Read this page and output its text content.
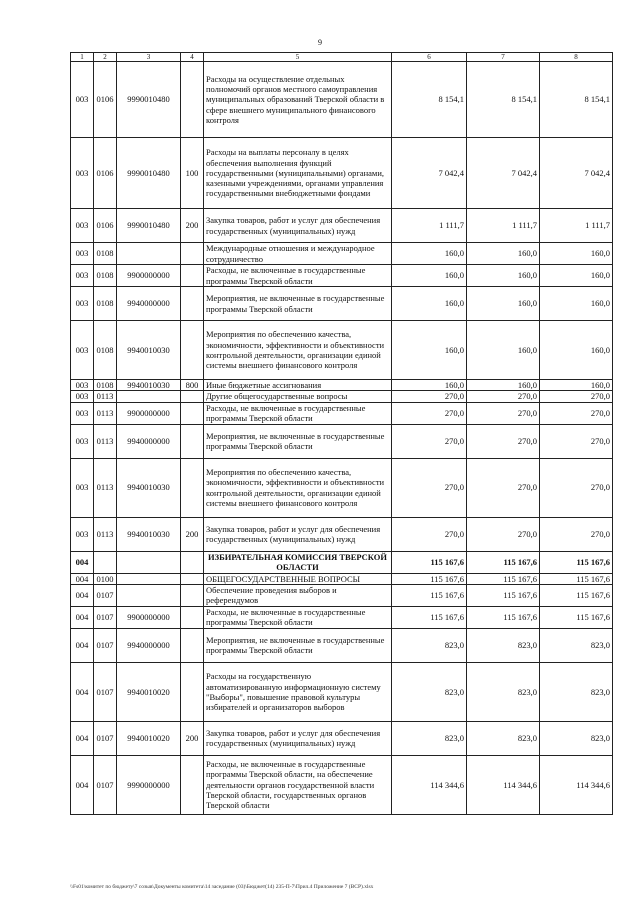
9
1	2	3	4	5	6	7	8
003	0106	9990010480		Расходы на осуществление отдельных полномочий органов местного самоуправления муниципальных образований Тверской области в сфере внешнего муниципального финансового контроля	8 154,1	8 154,1	8 154,1
003	0106	9990010480	100	Расходы на выплаты персоналу в целях обеспечения выполнения функций государственными (муниципальными) органами, казенными учреждениями, органами управления государственными внебюджетными фондами	7 042,4	7 042,4	7 042,4
003	0106	9990010480	200	Закупка товаров, работ и услуг для обеспечения государственных (муниципальных) нужд	1 111,7	1 111,7	1 111,7
003	0108			Международные отношения и международное сотрудничество	160,0	160,0	160,0
003	0108	9900000000		Расходы, не включенные в государственные программы Тверской области	160,0	160,0	160,0
003	0108	9940000000		Мероприятия, не включенные в государственные программы Тверской области	160,0	160,0	160,0
003	0108	9940010030		Мероприятия по обеспечению качества, экономичности, эффективности и объективности контрольной деятельности, организации единой системы внешнего финансового контроля	160,0	160,0	160,0
003	0108	9940010030	800	Иные бюджетные ассигнования	160,0	160,0	160,0
003	0113			Другие общегосударственные вопросы	270,0	270,0	270,0
003	0113	9900000000		Расходы, не включенные в государственные программы Тверской области	270,0	270,0	270,0
003	0113	9940000000		Мероприятия, не включенные в государственные программы Тверской области	270,0	270,0	270,0
003	0113	9940010030		Мероприятия по обеспечению качества, экономичности, эффективности и объективности контрольной деятельности, организации единой системы внешнего финансового контроля	270,0	270,0	270,0
003	0113	9940010030	200	Закупка товаров, работ и услуг для обеспечения государственных (муниципальных) нужд	270,0	270,0	270,0
004				ИЗБИРАТЕЛЬНАЯ КОМИССИЯ ТВЕРСКОЙ ОБЛАСТИ	115 167,6	115 167,6	115 167,6
004	0100			ОБЩЕГОСУДАРСТВЕННЫЕ ВОПРОСЫ	115 167,6	115 167,6	115 167,6
004	0107			Обеспечение проведения выборов и референдумов	115 167,6	115 167,6	115 167,6
004	0107	9900000000		Расходы, не включенные в государственные программы Тверской области	115 167,6	115 167,6	115 167,6
004	0107	9940000000		Мероприятия, не включенные в государственные программы Тверской области	823,0	823,0	823,0
004	0107	9940010020		Расходы на государственную автоматизированную информационную систему "Выборы", повышение правовой культуры избирателей и организаторов выборов	823,0	823,0	823,0
004	0107	9940010020	200	Закупка товаров, работ и услуг для обеспечения государственных (муниципальных) нужд	823,0	823,0	823,0
004	0107	9990000000		Расходы, не включенные в государственные программы Тверской области, на обеспечение деятельности органов государственной власти Тверской области, государственных органов Тверской области	114 344,6	114 344,6	114 344,6
\\Fs01\комитет по бюджету\7 созыв\Документы комитета\14 заседание (03)\Бюджет(14) 235-П-7\Прил.4 Приложение 7 (ВСР).xlsx
